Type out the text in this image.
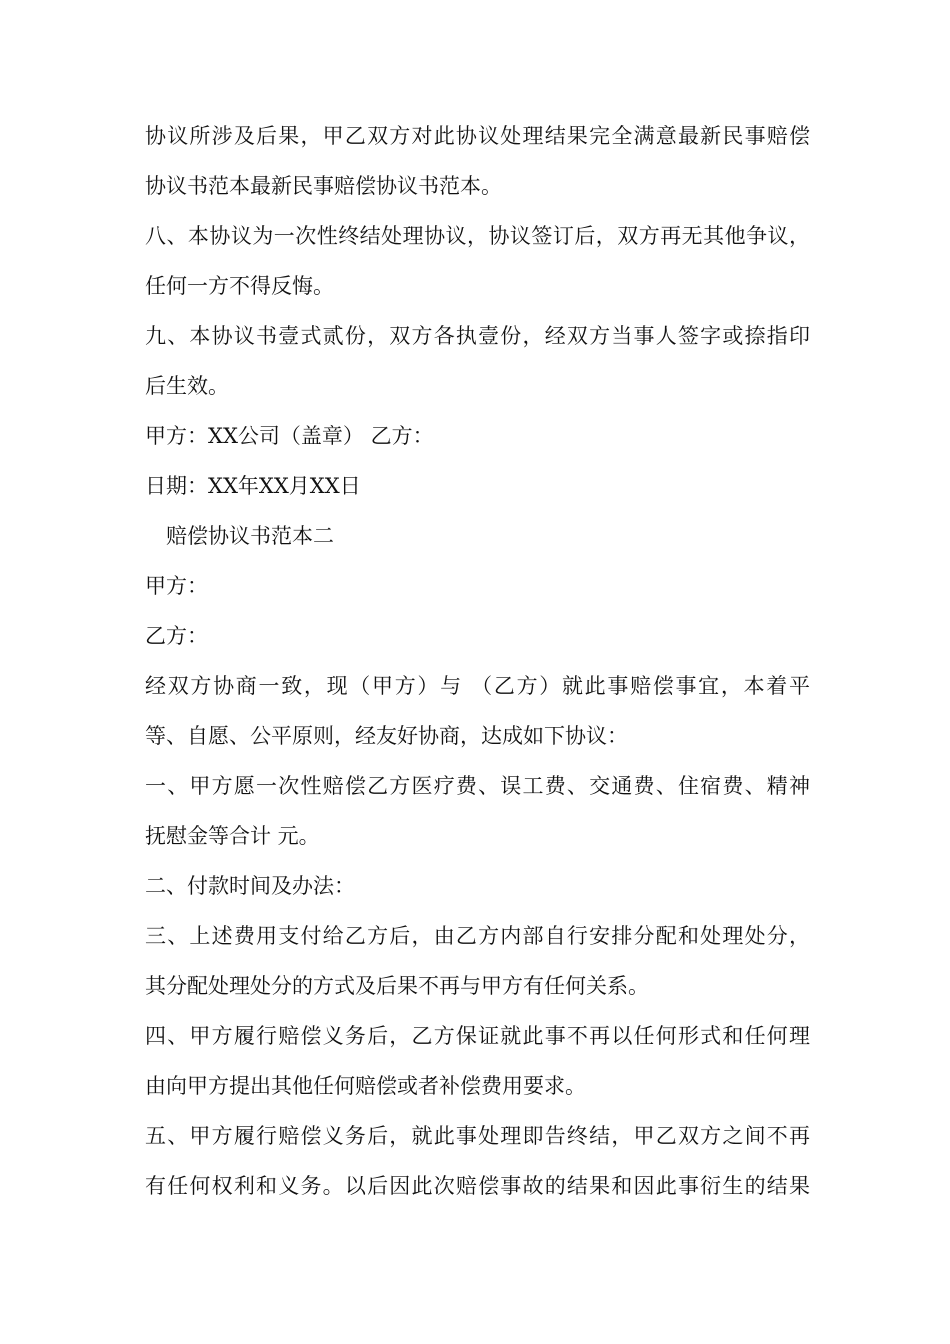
协议所涉及后果，甲乙双方对此协议处理结果完全满意最新民事赔偿
协议书范本最新民事赔偿协议书范本。
八、本协议为一次性终结处理协议，协议签订后，双方再无其他争议，
任何一方不得反悔。
九、本协议书壹式贰份，双方各执壹份，经双方当事人签字或捺指印
后生效。
甲方：XX公司（盖章） 乙方：
日期：XX年XX月XX日
赔偿协议书范本二
甲方：
乙方：
经双方协商一致，现（甲方）与 （乙方）就此事赔偿事宜，本着平
等、自愿、公平原则，经友好协商，达成如下协议：
一、甲方愿一次性赔偿乙方医疗费、误工费、交通费、住宿费、精神
抚慰金等合计 元。
二、付款时间及办法：
三、上述费用支付给乙方后，由乙方内部自行安排分配和处理处分，
其分配处理处分的方式及后果不再与甲方有任何关系。
四、甲方履行赔偿义务后，乙方保证就此事不再以任何形式和任何理
由向甲方提出其他任何赔偿或者补偿费用要求。
五、甲方履行赔偿义务后，就此事处理即告终结，甲乙双方之间不再
有任何权利和义务。以后因此次赔偿事故的结果和因此事衍生的结果
